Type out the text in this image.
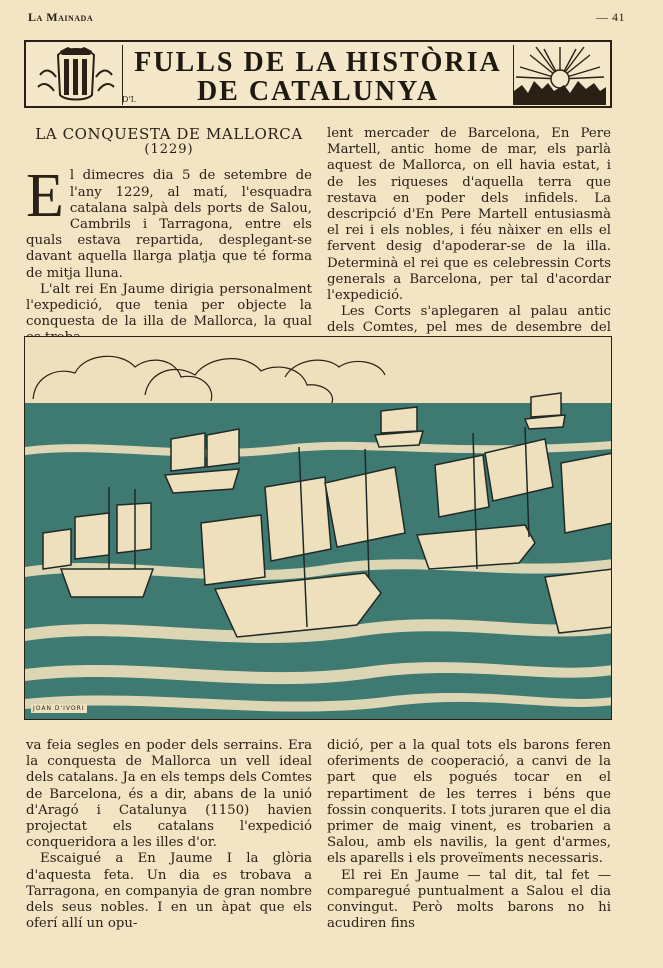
La Mainada	— 41
FULLS DE LA HISTÒRIA
DE CATALUNYA
D'I.
LA CONQUESTA DE MALLORCA
(1229)
E l dimecres dia 5 de setembre de l'any 1229, al matí, l'esquadra catalana salpà dels ports de Salou, Cambrils i Tarragona, entre els quals estava repartida, desplegant-se davant aquella llarga platja que té forma de mitja lluna.

L'alt rei En Jaume dirigia personalment l'expedició, que tenia per objecte la conquesta de la illa de Mallorca, la qual

lent mercader de Barcelona, En Pere Martell, antic home de mar, els parlà aquest de Mallorca, on ell havia estat, i de les riqueses d'aquella terra que restava en poder dels infidels. La descripció d'En Pere Martell entusiasmà el rei i els nobles, i féu nàixer en ells el fervent desig d'apoderar-se de la illa. Determinà el rei que es celebressin Corts generals a Barcelona, per tal d'acordar l'expedició.

Les Corts s'aplegaren al palau antic dels Comtes, pel mes de desembre del

JOAN D'IVORI

va feia segles en poder dels serrains. Era la conquesta de Mallorca un vell ideal dels catalans. Ja en els temps dels Comtes de Barcelona, és a dir, abans de la unió d'Aragó i Catalunya (1150) havien projectat els catalans l'expedició conqueridora a les illes d'or.

Escaigué a En Jaume I la glòria d'aquesta feta. Un dia es trobava a Tarragona, en companyia de gran nombre dels seus nobles. I en un àpat que els oferí allí un opu-

dició, per a la qual tots els barons feren oferiments de cooperació, a canvi de la part que els pogués tocar en el repartiment de les terres i béns que fossin conquerits. I tots juraren que el dia primer de maig vinent, es trobarien a Salou, amb els navilis, la gent d'armes, els aparells i els proveïments necessaris.

El rei En Jaume — tal dit, tal fet — comparegué puntualment a Salou el dia convingut. Però molts barons no hi acudiren fins
